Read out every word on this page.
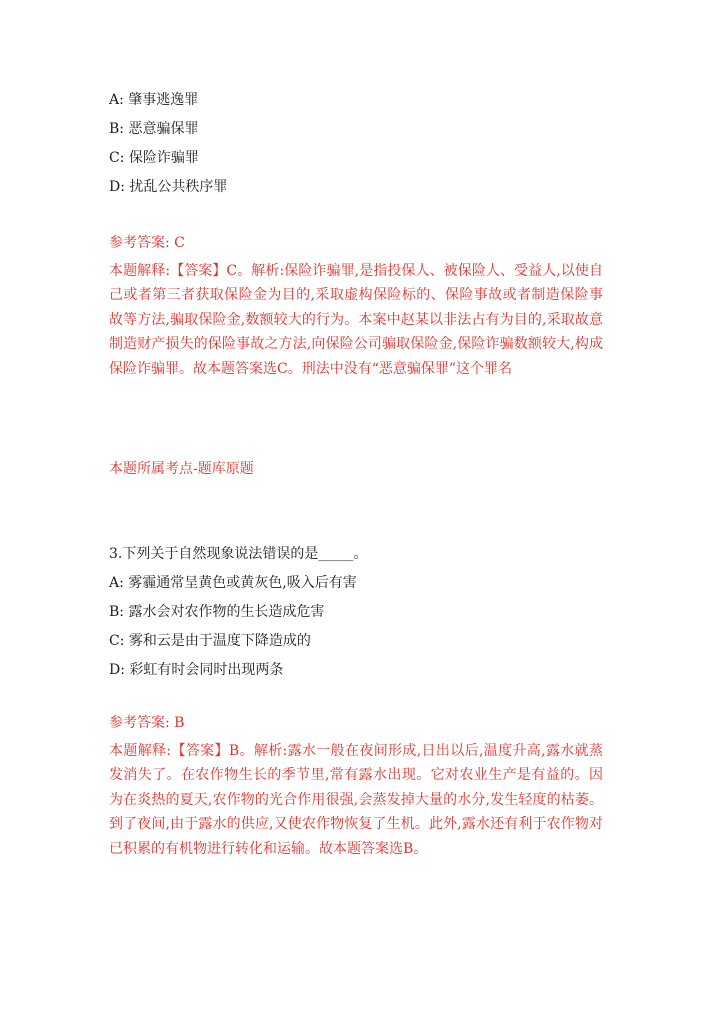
A: 肇事逃逸罪
B: 恶意骗保罪
C: 保险诈骗罪
D: 扰乱公共秩序罪
参考答案: C
本题解释:【答案】C。解析:保险诈骗罪,是指投保人、被保险人、受益人,以使自己或者第三者获取保险金为目的,采取虚构保险标的、保险事故或者制造保险事故等方法,骗取保险金,数额较大的行为。本案中赵某以非法占有为目的,采取故意制造财产损失的保险事故之方法,向保险公司骗取保险金,保险诈骗数额较大,构成保险诈骗罪。故本题答案选C。刑法中没有“恶意骗保罪”这个罪名
本题所属考点-题库原题
3.下列关于自然现象说法错误的是_____。
A: 雾霾通常呈黄色或黄灰色,吸入后有害
B: 露水会对农作物的生长造成危害
C: 雾和云是由于温度下降造成的
D: 彩虹有时会同时出现两条
参考答案: B
本题解释:【答案】B。解析:露水一般在夜间形成,日出以后,温度升高,露水就蒸发消失了。在农作物生长的季节里,常有露水出现。它对农业生产是有益的。因为在炎热的夏天,农作物的光合作用很强,会蒸发掉大量的水分,发生轻度的枯萎。到了夜间,由于露水的供应,又使农作物恢复了生机。此外,露水还有利于农作物对已积累的有机物进行转化和运输。故本题答案选B。
